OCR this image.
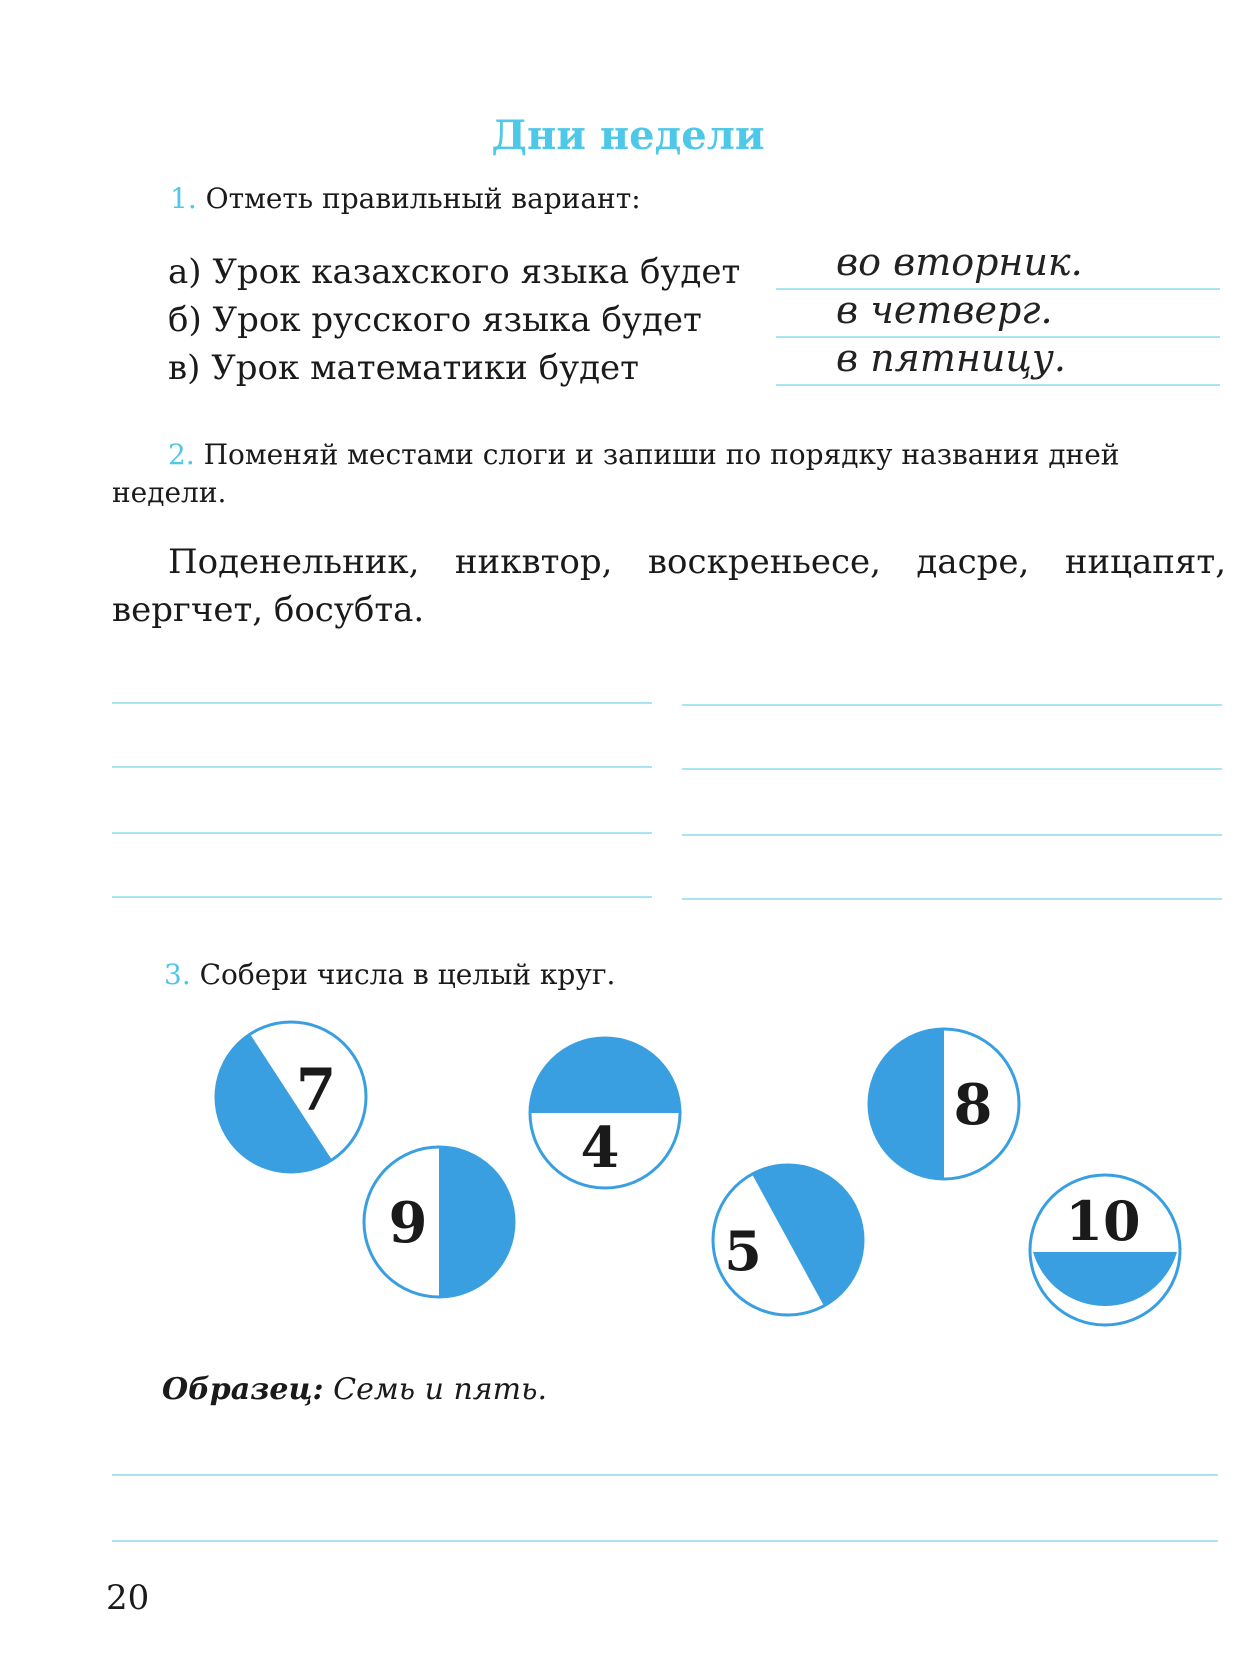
Дни недели
1. Отметь правильный вариант:
а) Урок казахского языка будет
б) Урок русского языка будет
в) Урок математики будет
во вторник.
в четверг.
в пятницу.
2. Поменяй местами слоги и запиши по порядку названия дней недели.
Поденельник, никвтор, воскреньесе, дасре, ницапят, вергчет, босубта.
3. Собери числа в целый круг.
7
9
4
5
8
10
Образец: Семь и пять.
20
